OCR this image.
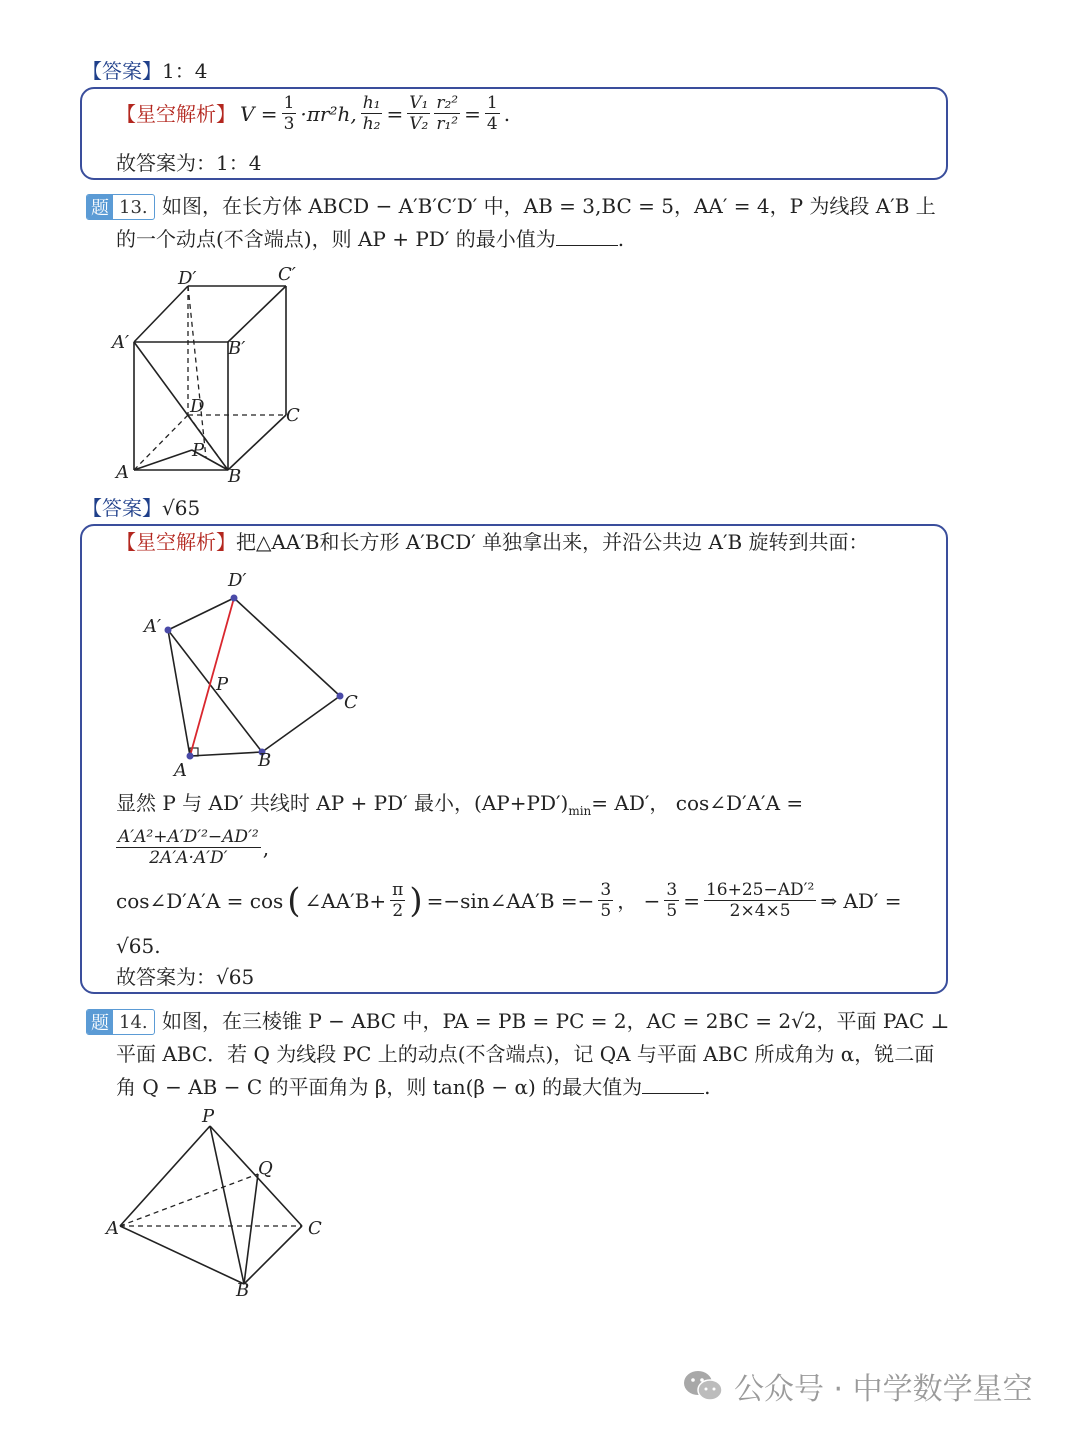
【答案】1：4
【星空解析】 $V = \frac{1}{3} \cdot\pi r^2h$, $\frac{\text{h₁}}{\text{h₂}} = \frac{\text{V₁}}{\text{V₂}} \frac{\text{r₂²}}{\text{r₁²}} = \frac{1}{4}$ .
故答案为：1：4
题 13. 如图，在长方体 ABCD − A′B′C′D′ 中，AB = 3,BC = 5，AA′ = 4，P 为线段 A′B 上
的一个动点(不含端点)，则 AP + PD′ 的最小值为	.
D′	C′
A′	B′
D	C
P
A	B
【答案】√65
【星空解析】把△AA′B和长方形 A′BCD′ 单独拿出来，并沿公共边 A′B 旋转到共面：
D′
A′
P
C
A	B
显然 P 与 AD′ 共线时 AP + PD′ 最小，$(AP+PD')_{min}= AD'$， cos∠D′A′A =
$\frac{\text{A′A²+A′D′²−AD′²}}{2A'A\cdot A'D'}$ ,
cos∠D′A′A = cos ( ∠AA′B+ $\frac{\pi}{2}$ ) =−sin∠AA′B =− $\frac{3}{5}$ ， − $\frac{3}{5} = \frac{\text{16+25−AD′²}}{2\times 4\times 5}$ ⇒ AD′ =
√65.
故答案为：√65
题 14. 如图，在三棱锥 P − ABC 中，PA = PB = PC = 2，AC = 2BC = 2√2，平面 PAC ⊥
平面 ABC．若 Q 为线段 PC 上的动点(不含端点)，记 QA 与平面 ABC 所成角为 α，锐二面
角 Q − AB − C 的平面角为 β，则 tan(β − α) 的最大值为	.
P
Q
A	C
B
公众号 · 中学数学星空
